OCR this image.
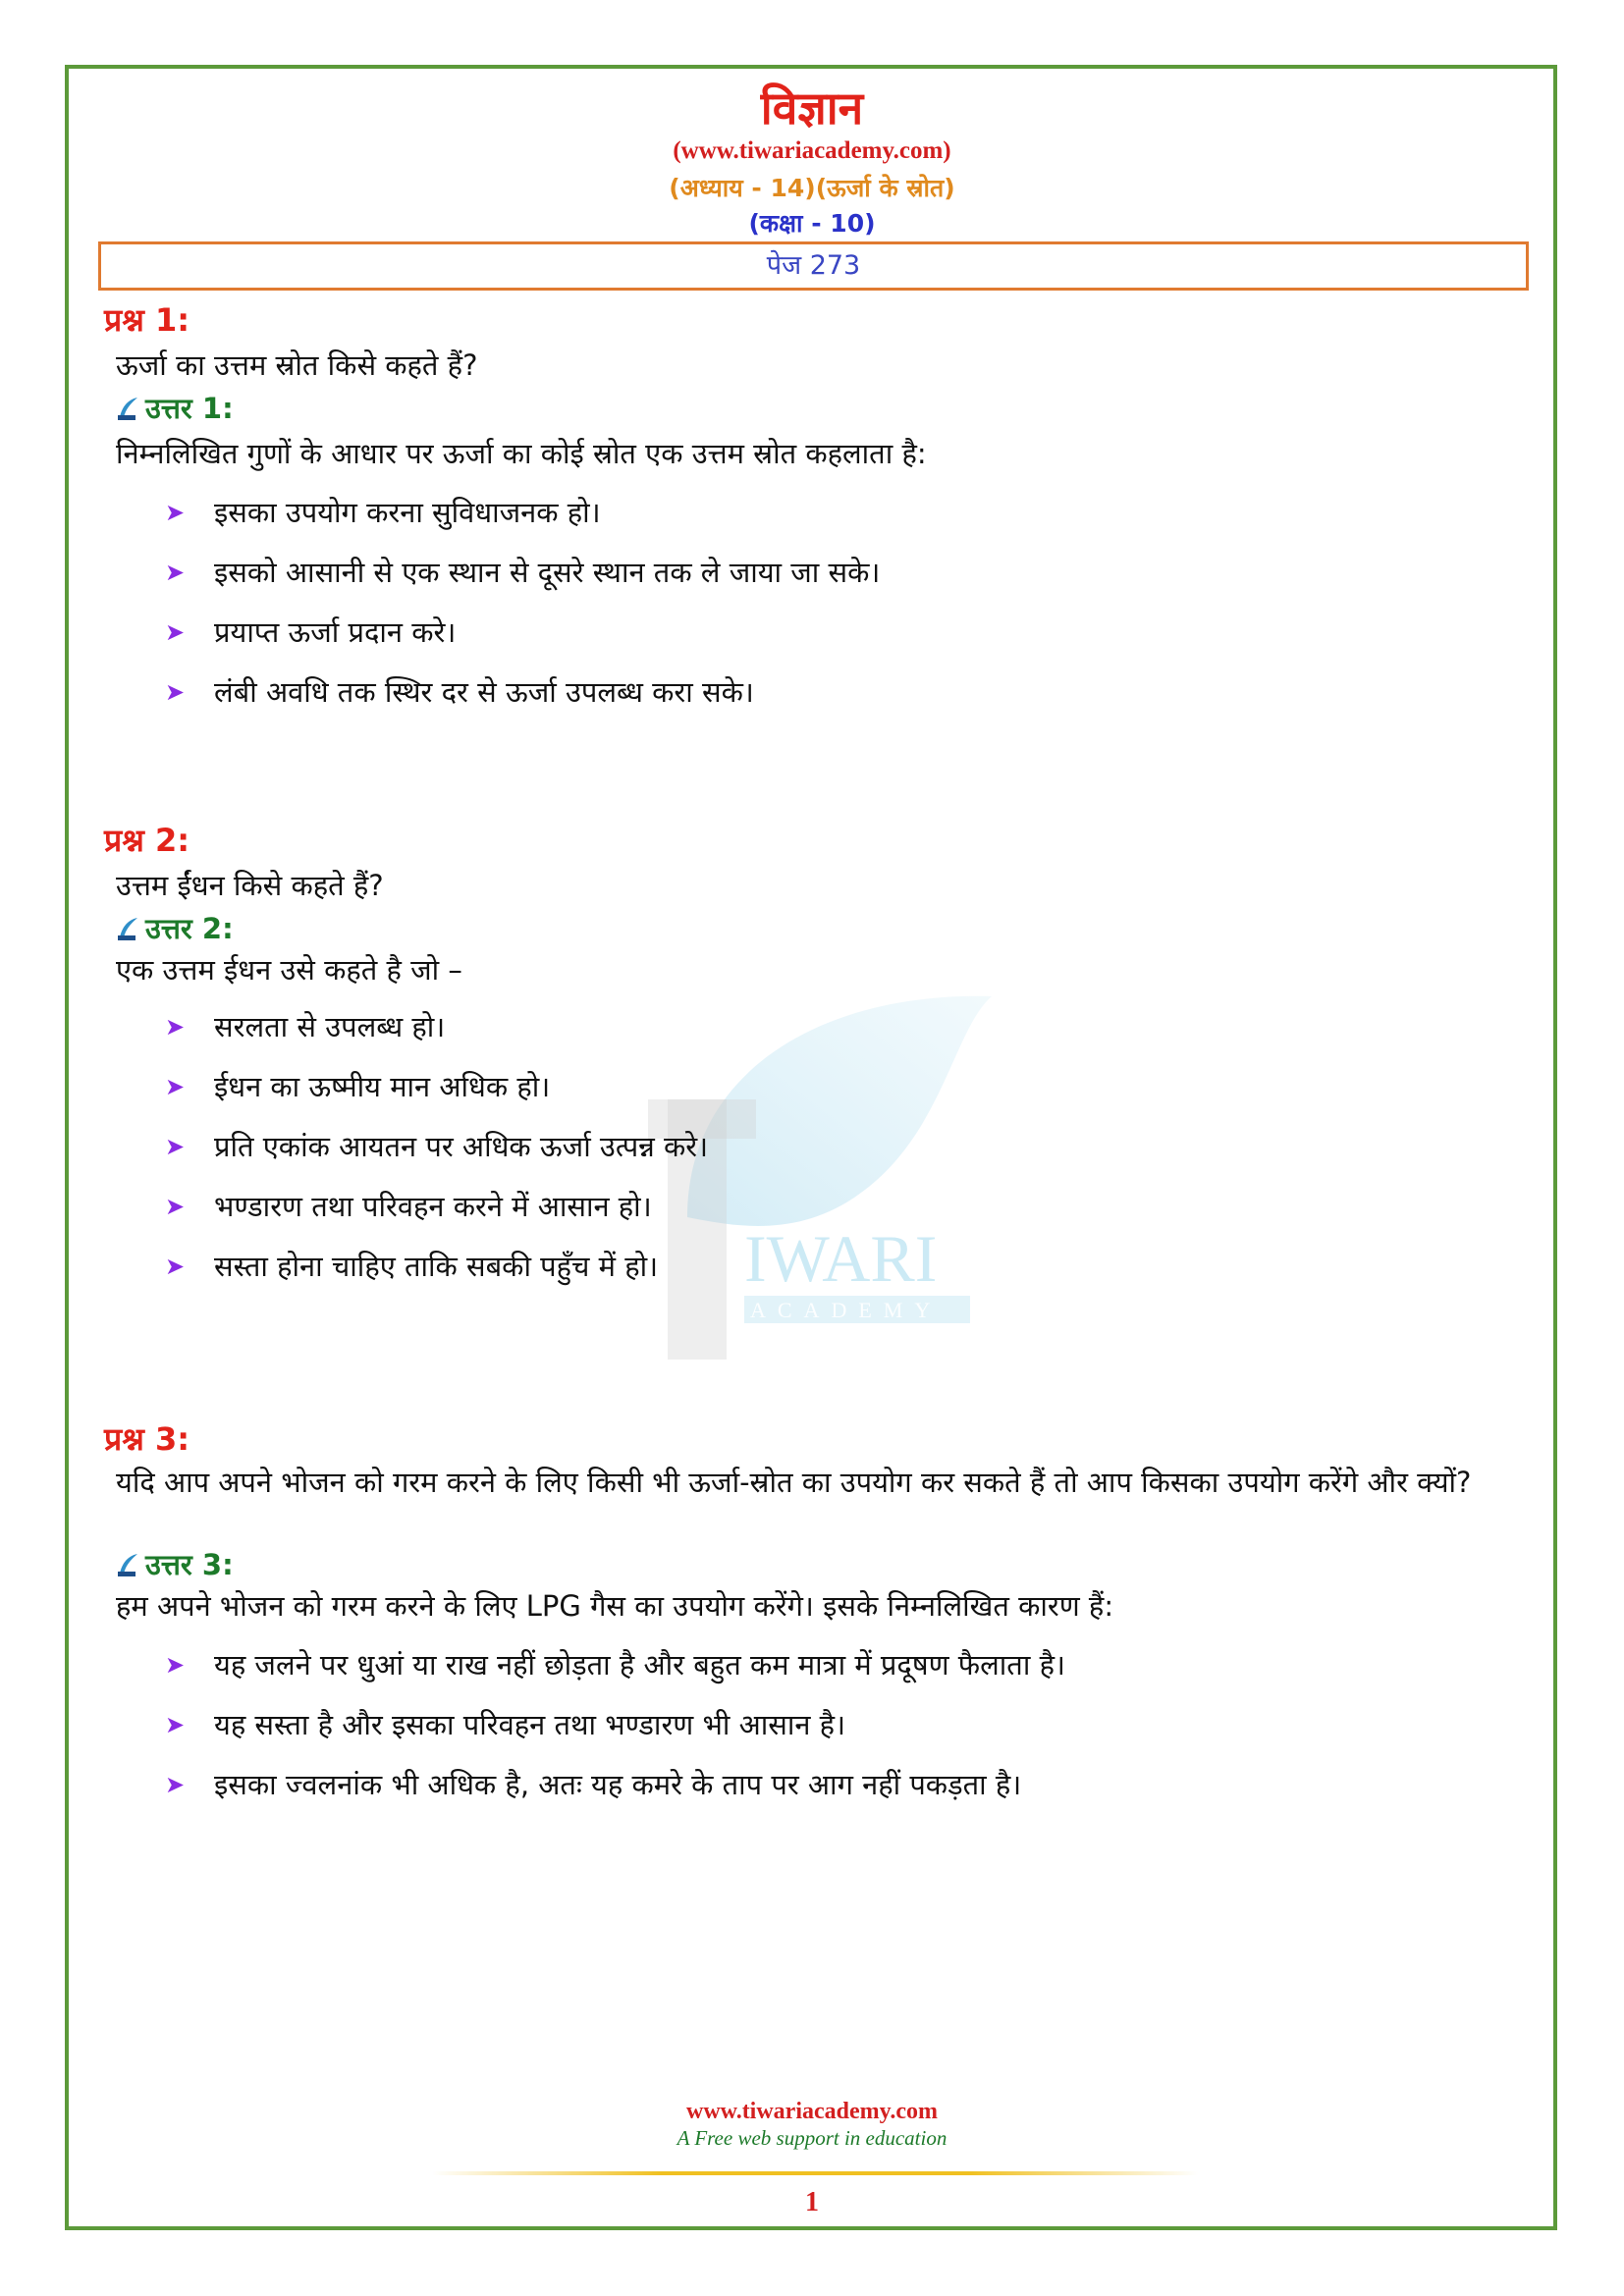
IWARI
ACADEMY
विज्ञान
(www.tiwariacademy.com)
(अध्याय - 14)(ऊर्जा के स्रोत)
(कक्षा - 10)
पेज 273
प्रश्न 1:
ऊर्जा का उत्तम स्रोत किसे कहते हैं?
उत्तर 1:
निम्नलिखित गुणों के आधार पर ऊर्जा का कोई स्रोत एक उत्तम स्रोत कहलाता है:
➤	इसका उपयोग करना सुविधाजनक हो।
➤	इसको आसानी से एक स्थान से दूसरे स्थान तक ले जाया जा सके।
➤	प्रयाप्त ऊर्जा प्रदान करे।
➤	लंबी अवधि तक स्थिर दर से ऊर्जा उपलब्ध करा सके।
प्रश्न 2:
उत्तम ईंधन किसे कहते हैं?
उत्तर 2:
एक उत्तम ईधन उसे कहते है जो –
➤	सरलता से उपलब्ध हो।
➤	ईधन का ऊष्मीय मान अधिक हो।
➤	प्रति एकांक आयतन पर अधिक ऊर्जा उत्पन्न करे।
➤	भण्डारण तथा परिवहन करने में आसान हो।
➤	सस्ता होना चाहिए ताकि सबकी पहुँच में हो।
प्रश्न 3:
यदि आप अपने भोजन को गरम करने के लिए किसी भी ऊर्जा-स्रोत का उपयोग कर सकते हैं तो आप किसका उपयोग करेंगे और क्यों?
उत्तर 3:
हम अपने भोजन को गरम करने के लिए LPG गैस का उपयोग करेंगे। इसके निम्नलिखित कारण हैं:
➤	यह जलने पर धुआं या राख नहीं छोड़ता है और बहुत कम मात्रा में प्रदूषण फैलाता है।
➤	यह सस्ता है और इसका परिवहन तथा भण्डारण भी आसान है।
➤	इसका ज्वलनांक भी अधिक है, अतः यह कमरे के ताप पर आग नहीं पकड़ता है।
www.tiwariacademy.com
A Free web support in education
1
